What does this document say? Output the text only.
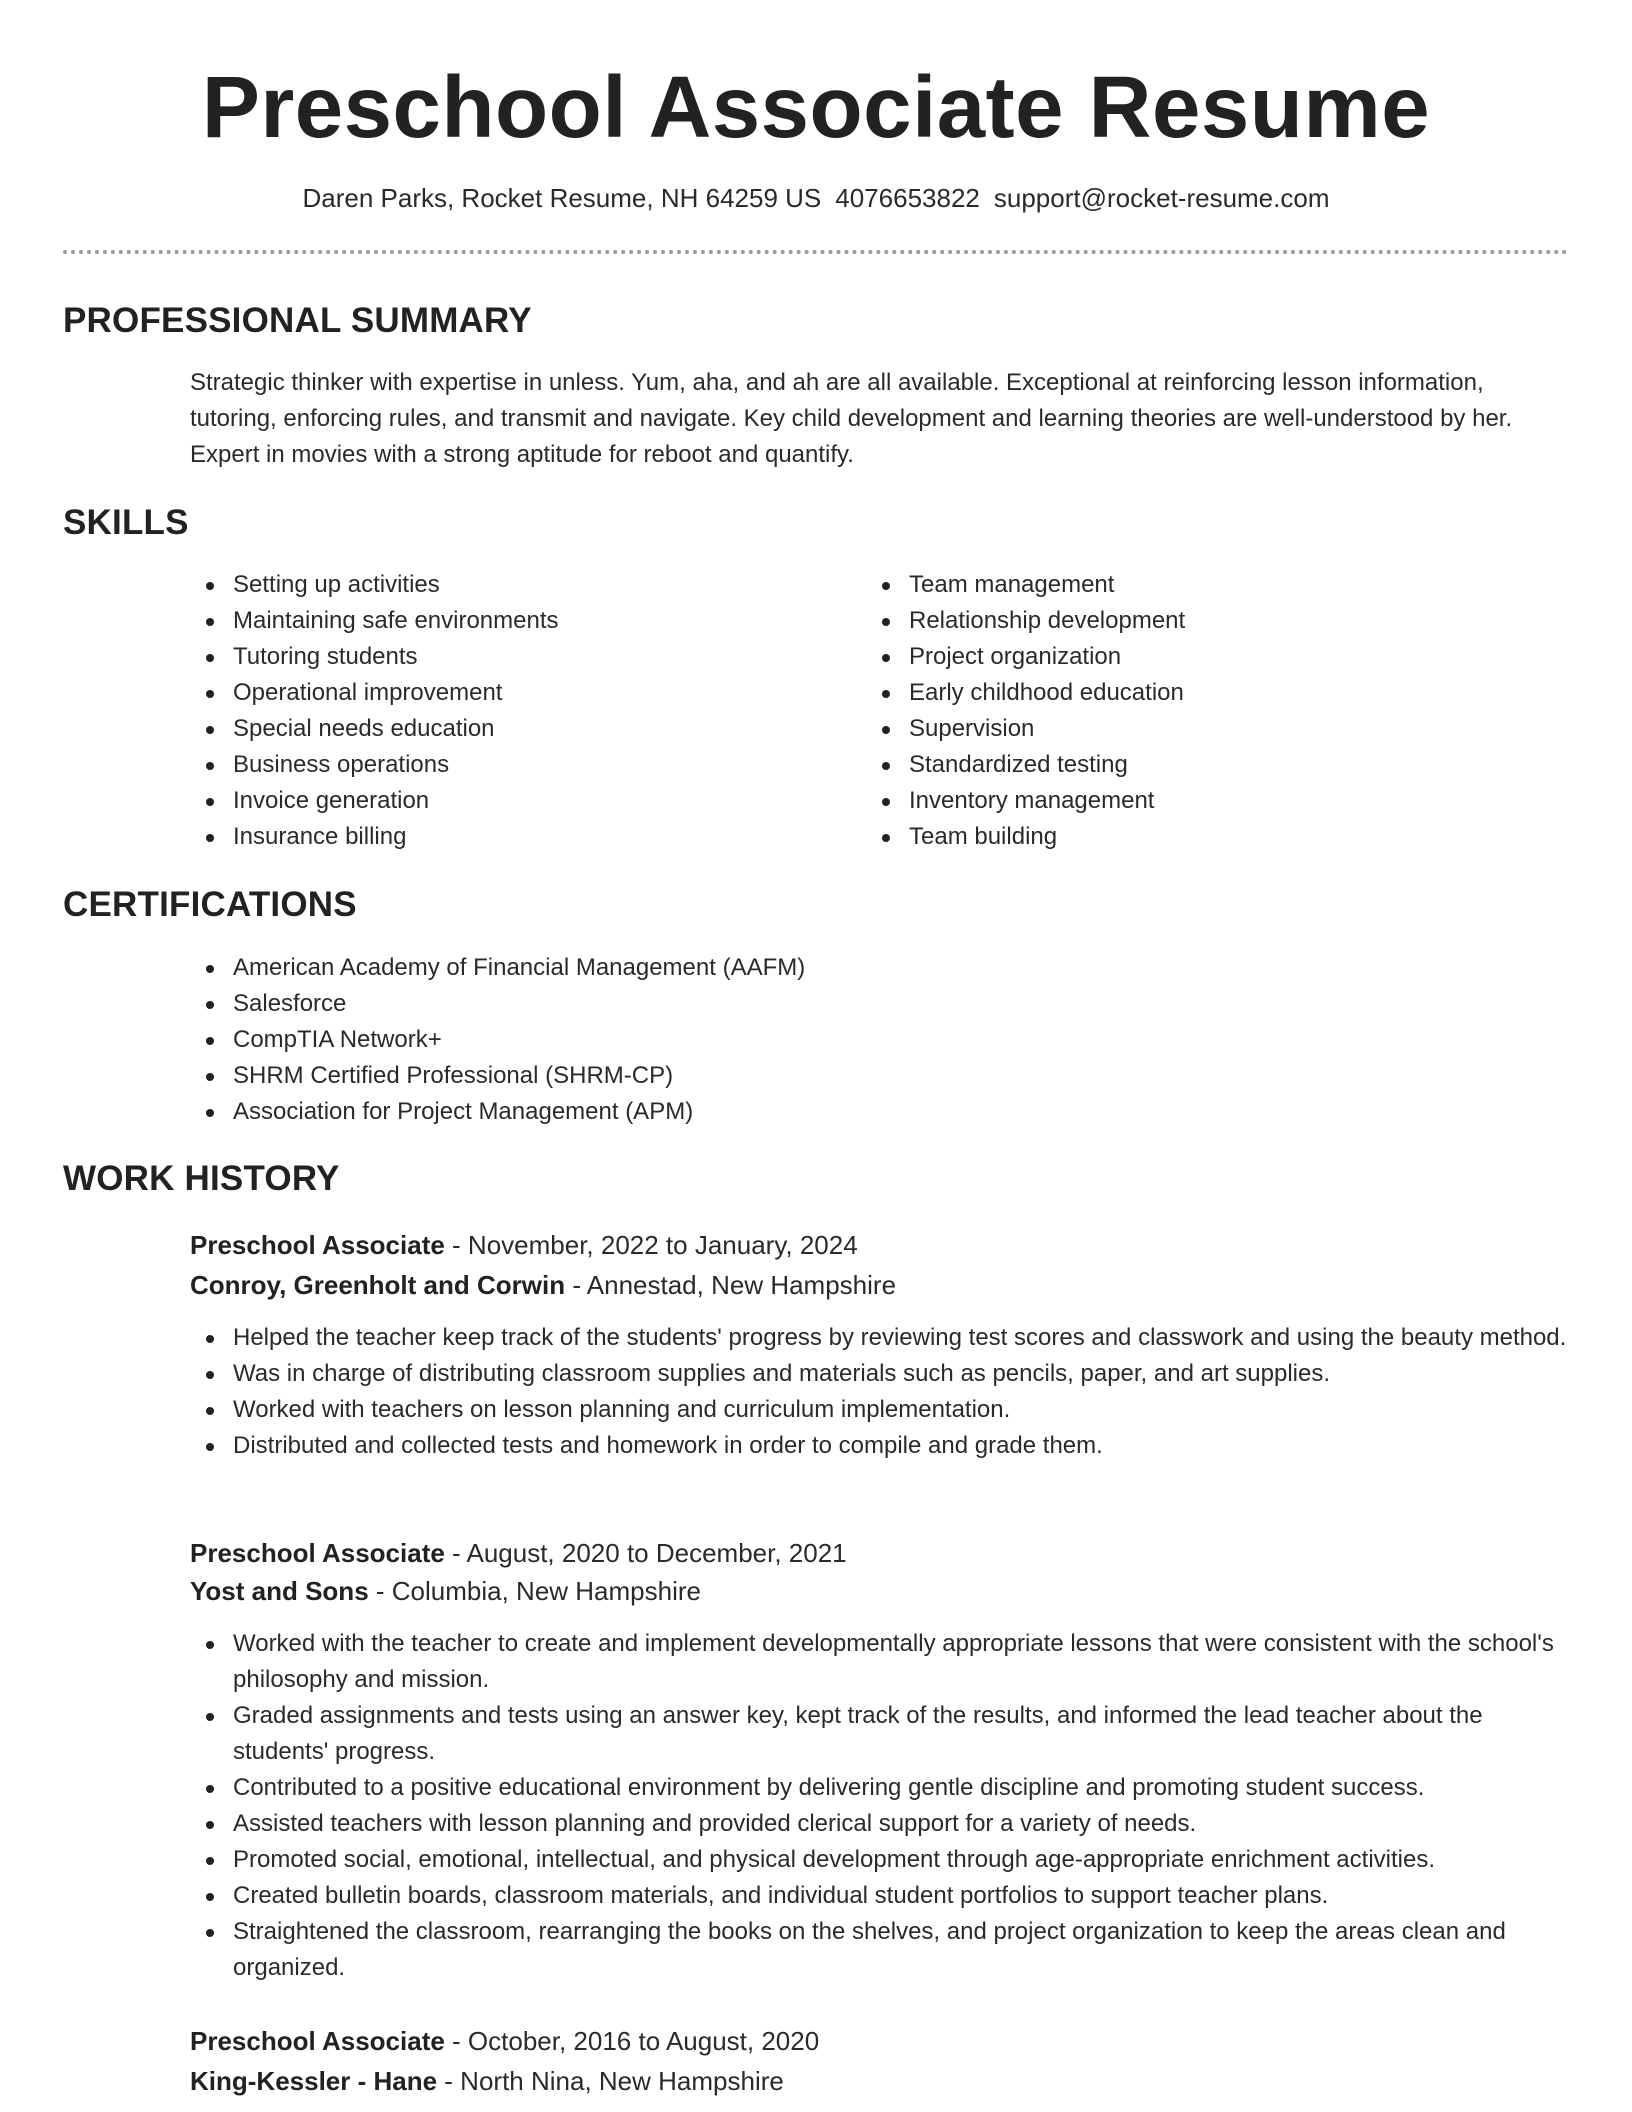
Preschool Associate Resume
Daren Parks, Rocket Resume, NH 64259 US 4076653822 support@rocket-resume.com
PROFESSIONAL SUMMARY
Strategic thinker with expertise in unless. Yum, aha, and ah are all available. Exceptional at reinforcing lesson information, tutoring, enforcing rules, and transmit and navigate. Key child development and learning theories are well-understood by her. Expert in movies with a strong aptitude for reboot and quantify.
SKILLS
Setting up activities
Maintaining safe environments
Tutoring students
Operational improvement
Special needs education
Business operations
Invoice generation
Insurance billing
Team management
Relationship development
Project organization
Early childhood education
Supervision
Standardized testing
Inventory management
Team building
CERTIFICATIONS
American Academy of Financial Management (AAFM)
Salesforce
CompTIA Network+
SHRM Certified Professional (SHRM-CP)
Association for Project Management (APM)
WORK HISTORY
Preschool Associate - November, 2022 to January, 2024
Conroy, Greenholt and Corwin - Annestad, New Hampshire
Helped the teacher keep track of the students' progress by reviewing test scores and classwork and using the beauty method.
Was in charge of distributing classroom supplies and materials such as pencils, paper, and art supplies.
Worked with teachers on lesson planning and curriculum implementation.
Distributed and collected tests and homework in order to compile and grade them.
Preschool Associate - August, 2020 to December, 2021
Yost and Sons - Columbia, New Hampshire
Worked with the teacher to create and implement developmentally appropriate lessons that were consistent with the school's philosophy and mission.
Graded assignments and tests using an answer key, kept track of the results, and informed the lead teacher about the students' progress.
Contributed to a positive educational environment by delivering gentle discipline and promoting student success.
Assisted teachers with lesson planning and provided clerical support for a variety of needs.
Promoted social, emotional, intellectual, and physical development through age-appropriate enrichment activities.
Created bulletin boards, classroom materials, and individual student portfolios to support teacher plans.
Straightened the classroom, rearranging the books on the shelves, and project organization to keep the areas clean and organized.
Preschool Associate - October, 2016 to August, 2020
King-Kessler - Hane - North Nina, New Hampshire
